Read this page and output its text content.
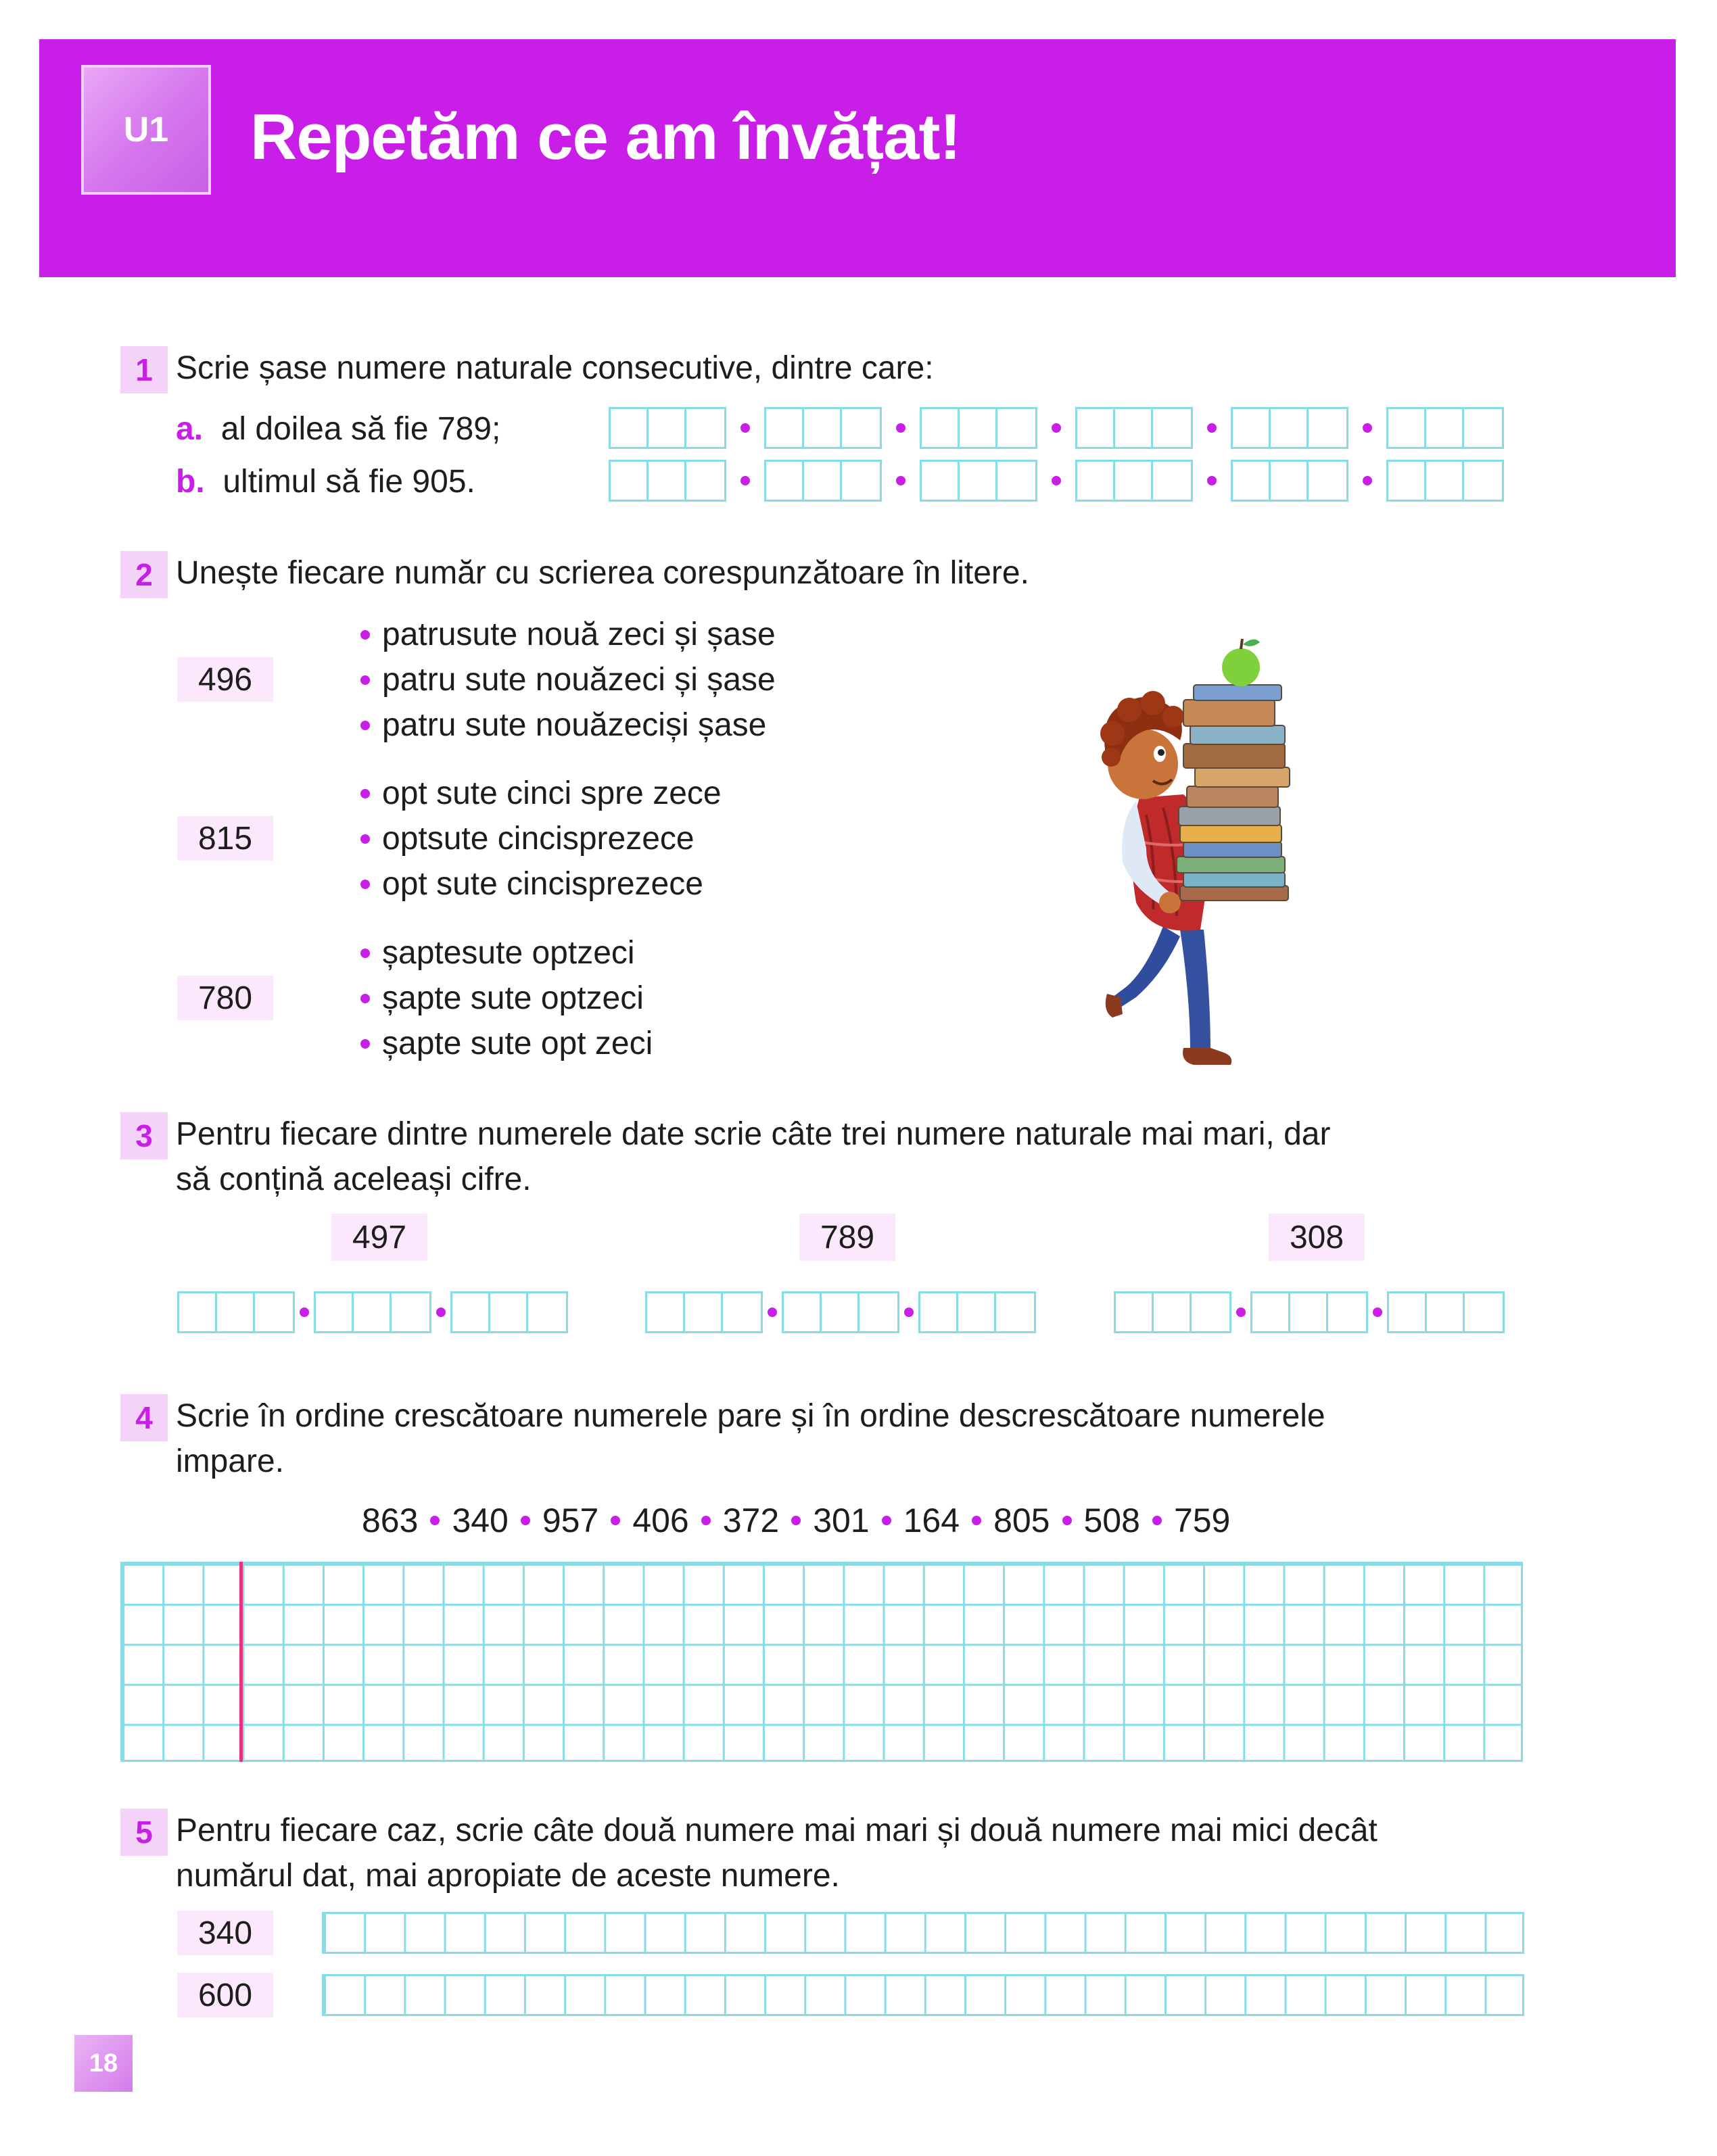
U1 Repetăm ce am învățat!
1 Scrie șase numere naturale consecutive, dintre care:
a. al doilea să fie 789;
b. ultimul să fie 905.
2 Unește fiecare număr cu scrierea corespunzătoare în litere.
496
patrusute nouă zeci și șase
patru sute nouăzeci și șase
patru sute nouăzeciși șase
815
opt sute cinci spre zece
optsute cincisprezece
opt sute cincisprezece
780
șaptesute optzeci
șapte sute optzeci
șapte sute opt zeci
3 Pentru fiecare dintre numerele date scrie câte trei numere naturale mai mari, dar
să conțină aceleași cifre.
497	789	308
4 Scrie în ordine crescătoare numerele pare și în ordine descrescătoare numerele
impare.
863 340 957 406 372 301 164 805 508 759
5 Pentru fiecare caz, scrie câte două numere mai mari și două numere mai mici decât
numărul dat, mai apropiate de aceste numere.
340
600
18
